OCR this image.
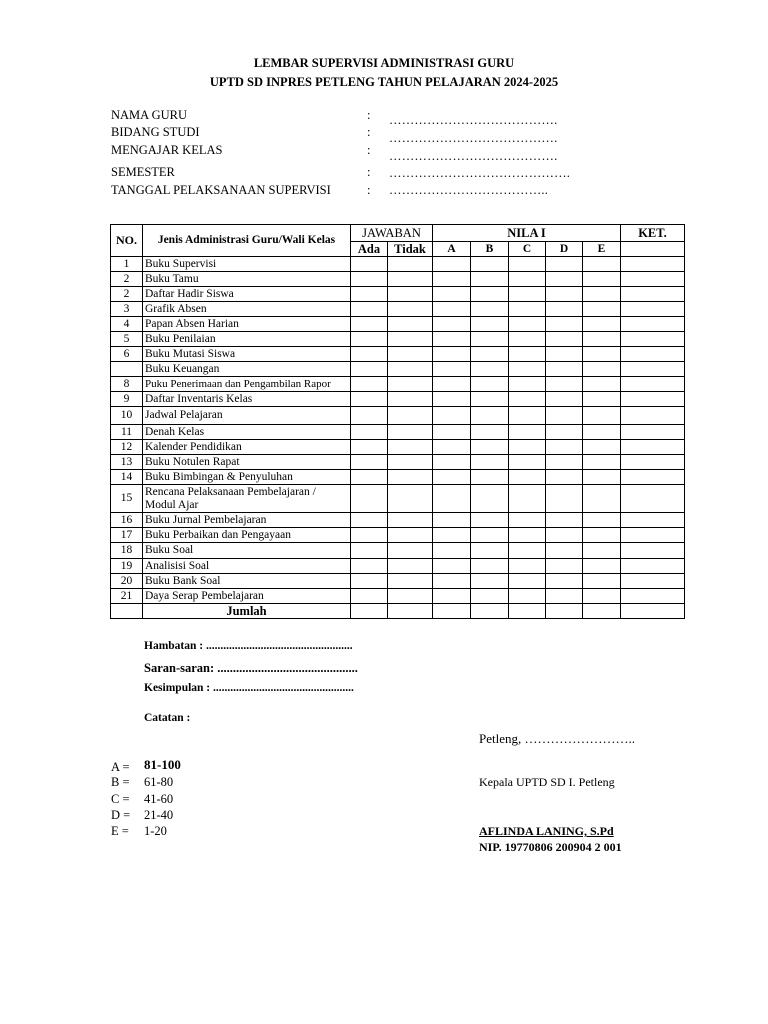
LEMBAR SUPERVISI ADMINISTRASI GURU
UPTD SD INPRES PETLENG TAHUN PELAJARAN 2024-2025
NAMA GURU	: ………………………………….
BIDANG STUDI	: ………………………………….
MENGAJAR KELAS	: ………………………………….
SEMESTER	: …………………………………….
TANGGAL PELAKSANAAN SUPERVISI	: ………………………………..
NO.	Jenis Administrasi Guru/Wali Kelas	JAWABAN		NILA I					KET.
		Ada	Tidak	A	B	C	D	E	
1	Buku Supervisi								
2	Buku Tamu								
2	Daftar Hadir Siswa								
3	Grafik Absen								
4	Papan Absen Harian								
5	Buku Penilaian								
6	Buku Mutasi Siswa								
	Buku Keuangan								
8	Puku Penerimaan dan Pengambilan Rapor								
9	Daftar Inventaris Kelas								
10	Jadwal Pelajaran								
11	Denah Kelas								
12	Kalender Pendidikan								
13	Buku Notulen Rapat								
14	Buku Bimbingan & Penyuluhan								
15	Rencana Pelaksanaan Pembelajaran / Modul Ajar								
16	Buku Jurnal Pembelajaran								
17	Buku Perbaikan dan Pengayaan								
18	Buku Soal								
19	Analisisi Soal								
20	Buku Bank Soal								
21	Daya Serap Pembelajaran								
	Jumlah								
Hambatan : ...................................................
Saran-saran: .............................................
Kesimpulan : .................................................
Catatan :
A = 81-100
B = 61-80
C = 41-60
D = 21-40
E = 1-20
Petleng, ……………………..
Kepala UPTD SD I. Petleng
AFLINDA LANING, S.Pd
NIP. 19770806 200904 2 001
